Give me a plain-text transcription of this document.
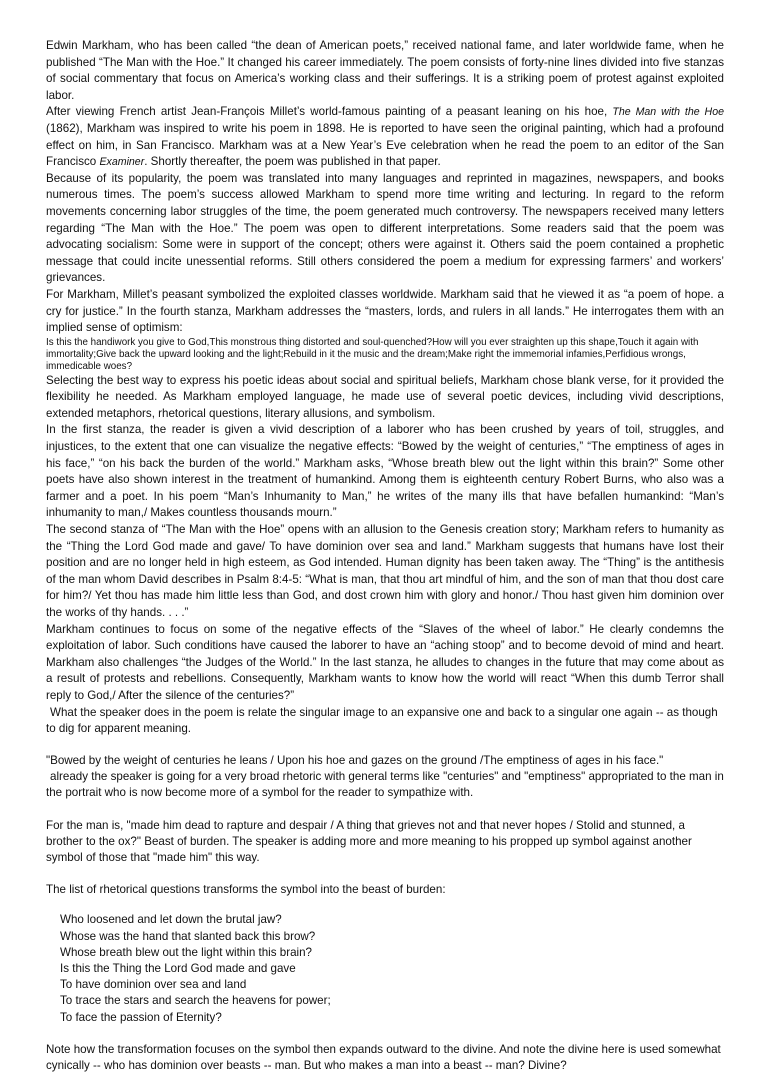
Edwin Markham, who has been called “the dean of American poets,” received national fame, and later worldwide fame, when he published “The Man with the Hoe.” It changed his career immediately. The poem consists of forty-nine lines divided into five stanzas of social commentary that focus on America’s working class and their sufferings. It is a striking poem of protest against exploited labor.

After viewing French artist Jean-François Millet’s world-famous painting of a peasant leaning on his hoe, The Man with the Hoe (1862), Markham was inspired to write his poem in 1898. He is reported to have seen the original painting, which had a profound effect on him, in San Francisco. Markham was at a New Year’s Eve celebration when he read the poem to an editor of the San Francisco Examiner. Shortly thereafter, the poem was published in that paper.

Because of its popularity, the poem was translated into many languages and reprinted in magazines, newspapers, and books numerous times. The poem’s success allowed Markham to spend more time writing and lecturing. In regard to the reform movements concerning labor struggles of the time, the poem generated much controversy. The newspapers received many letters regarding “The Man with the Hoe.” The poem was open to different interpretations. Some readers said that the poem was advocating socialism: Some were in support of the concept; others were against it. Others said the poem contained a prophetic message that could incite unessential reforms. Still others considered the poem a medium for expressing farmers’ and workers’ grievances.

For Markham, Millet’s peasant symbolized the exploited classes worldwide. Markham said that he viewed it as “a poem of hope. a cry for justice.” In the fourth stanza, Markham addresses the “masters, lords, and rulers in all lands.” He interrogates them with an implied sense of optimism:

Is this the handiwork you give to God,This monstrous thing distorted and soul-quenched?How will you ever straighten up this shape,Touch it again with immortality;Give back the upward looking and the light;Rebuild in it the music and the dream;Make right the immemorial infamies,Perfidious wrongs, immedicable woes?

Selecting the best way to express his poetic ideas about social and spiritual beliefs, Markham chose blank verse, for it provided the flexibility he needed. As Markham employed language, he made use of several poetic devices, including vivid descriptions, extended metaphors, rhetorical questions, literary allusions, and symbolism.

In the first stanza, the reader is given a vivid description of a laborer who has been crushed by years of toil, struggles, and injustices, to the extent that one can visualize the negative effects: “Bowed by the weight of centuries,” “The emptiness of ages in his face,” “on his back the burden of the world.” Markham asks, “Whose breath blew out the light within this brain?” Some other poets have also shown interest in the treatment of humankind. Among them is eighteenth century Robert Burns, who also was a farmer and a poet. In his poem “Man’s Inhumanity to Man,” he writes of the many ills that have befallen humankind: “Man’s inhumanity to man,/ Makes countless thousands mourn.”

The second stanza of “The Man with the Hoe” opens with an allusion to the Genesis creation story; Markham refers to humanity as the “Thing the Lord God made and gave/ To have dominion over sea and land.” Markham suggests that humans have lost their position and are no longer held in high esteem, as God intended. Human dignity has been taken away. The “Thing” is the antithesis of the man whom David describes in Psalm 8:4-5: “What is man, that thou art mindful of him, and the son of man that thou dost care for him?/ Yet thou has made him little less than God, and dost crown him with glory and honor./ Thou hast given him dominion over the works of thy hands. . . .”

Markham continues to focus on some of the negative effects of the “Slaves of the wheel of labor.” He clearly condemns the exploitation of labor. Such conditions have caused the laborer to have an “aching stoop” and to become devoid of mind and heart. Markham also challenges “the Judges of the World.” In the last stanza, he alludes to changes in the future that may come about as a result of protests and rebellions. Consequently, Markham wants to know how the world will react “When this dumb Terror shall reply to God,/ After the silence of the centuries?”

What the speaker does in the poem is relate the singular image to an expansive one and back to a singular one again -- as though to dig for apparent meaning.

"Bowed by the weight of centuries he leans / Upon his hoe and gazes on the ground /The emptiness of ages in his face."

already the speaker is going for a very broad rhetoric with general terms like "centuries" and "emptiness" appropriated to the man in the portrait who is now become more of a symbol for the reader to sympathize with.

For the man is, "made him dead to rapture and despair / A thing that grieves not and that never hopes / Stolid and stunned, a brother to the ox?" Beast of burden. The speaker is adding more and more meaning to his propped up symbol against another symbol of those that "made him" this way.

The list of rhetorical questions transforms the symbol into the beast of burden:

Who loosened and let down the brutal jaw?
Whose was the hand that slanted back this brow?
Whose breath blew out the light within this brain?
Is this the Thing the Lord God made and gave
To have dominion over sea and land
To trace the stars and search the heavens for power;
To face the passion of Eternity?

Note how the transformation focuses on the symbol then expands outward to the divine. And note the divine here is used somewhat cynically -- who has dominion over beasts -- man. But who makes a man into a beast -- man? Divine?
